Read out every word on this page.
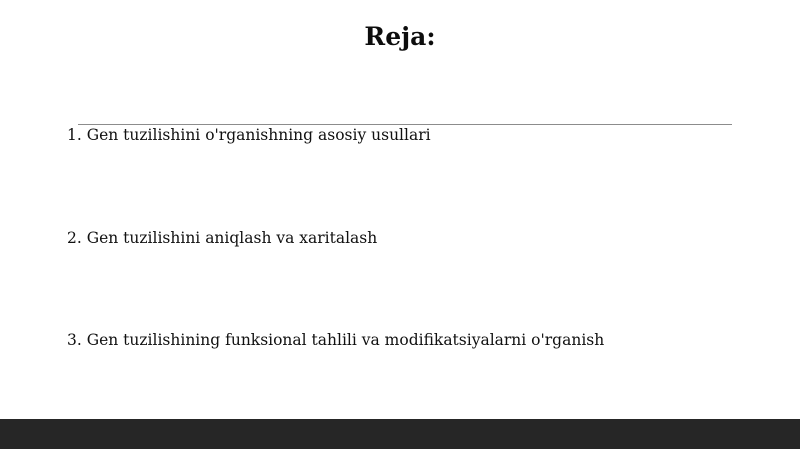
Reja:
1. Gen tuzilishini o'rganishning asosiy usullari
2. Gen tuzilishini aniqlash va xaritalash
3. Gen tuzilishining funksional tahlili va modifikatsiyalarni o'rganish
